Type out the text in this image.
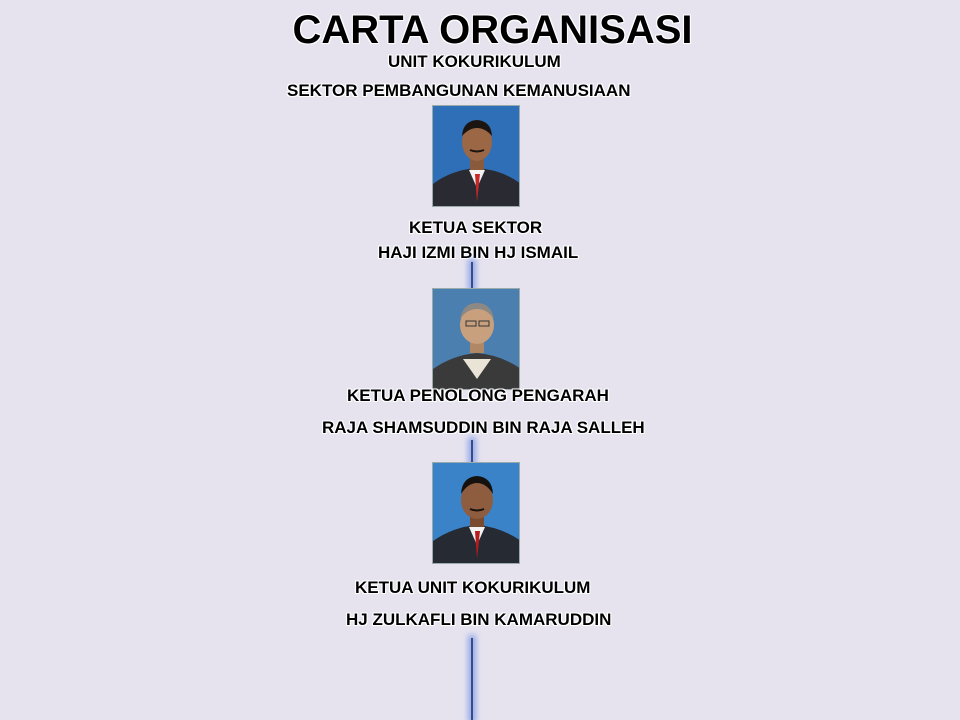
CARTA ORGANISASI
UNIT KOKURIKULUM
SEKTOR PEMBANGUNAN KEMANUSIAAN
KETUA SEKTOR
HAJI IZMI BIN HJ ISMAIL
KETUA PENOLONG PENGARAH
RAJA SHAMSUDDIN BIN RAJA SALLEH
KETUA UNIT KOKURIKULUM
HJ ZULKAFLI BIN KAMARUDDIN
